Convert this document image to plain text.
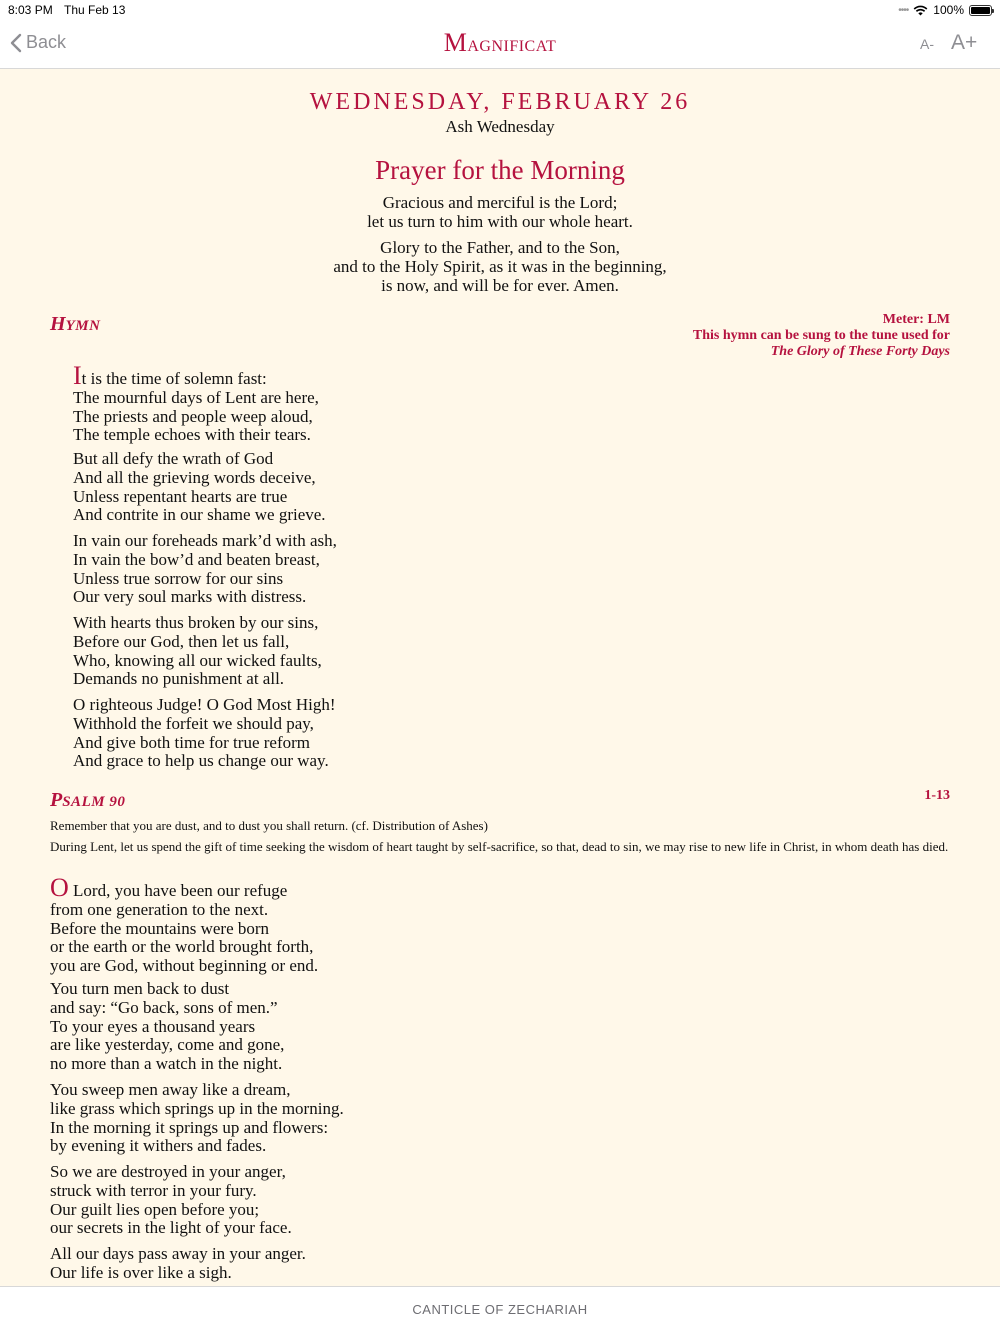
8:03 PM Thu Feb 13	•••• 100%
Back	MAGNIFICAT	A- A+
WEDNESDAY, FEBRUARY 26
Ash Wednesday
Prayer for the Morning
Gracious and merciful is the Lord;
let us turn to him with our whole heart.
Glory to the Father, and to the Son,
and to the Holy Spirit, as it was in the beginning,
is now, and will be for ever. Amen.
HYMN	Meter: LM
This hymn can be sung to the tune used for
The Glory of These Forty Days
It is the time of solemn fast:
The mournful days of Lent are here,
The priests and people weep aloud,
The temple echoes with their tears.
But all defy the wrath of God
And all the grieving words deceive,
Unless repentant hearts are true
And contrite in our shame we grieve.
In vain our foreheads mark’d with ash,
In vain the bow’d and beaten breast,
Unless true sorrow for our sins
Our very soul marks with distress.
With hearts thus broken by our sins,
Before our God, then let us fall,
Who, knowing all our wicked faults,
Demands no punishment at all.
O righteous Judge! O God Most High!
Withhold the forfeit we should pay,
And give both time for true reform
And grace to help us change our way.
PSALM 90	1-13
Remember that you are dust, and to dust you shall return. (cf. Distribution of Ashes)
During Lent, let us spend the gift of time seeking the wisdom of heart taught by self-sacrifice, so that, dead to sin, we may rise to new life in Christ, in whom death has died.
O Lord, you have been our refuge
from one generation to the next.
Before the mountains were born
or the earth or the world brought forth,
you are God, without beginning or end.
You turn men back to dust
and say: “Go back, sons of men.”
To your eyes a thousand years
are like yesterday, come and gone,
no more than a watch in the night.
You sweep men away like a dream,
like grass which springs up in the morning.
In the morning it springs up and flowers:
by evening it withers and fades.
So we are destroyed in your anger,
struck with terror in your fury.
Our guilt lies open before you;
our secrets in the light of your face.
All our days pass away in your anger.
Our life is over like a sigh.
CANTICLE OF ZECHARIAH
